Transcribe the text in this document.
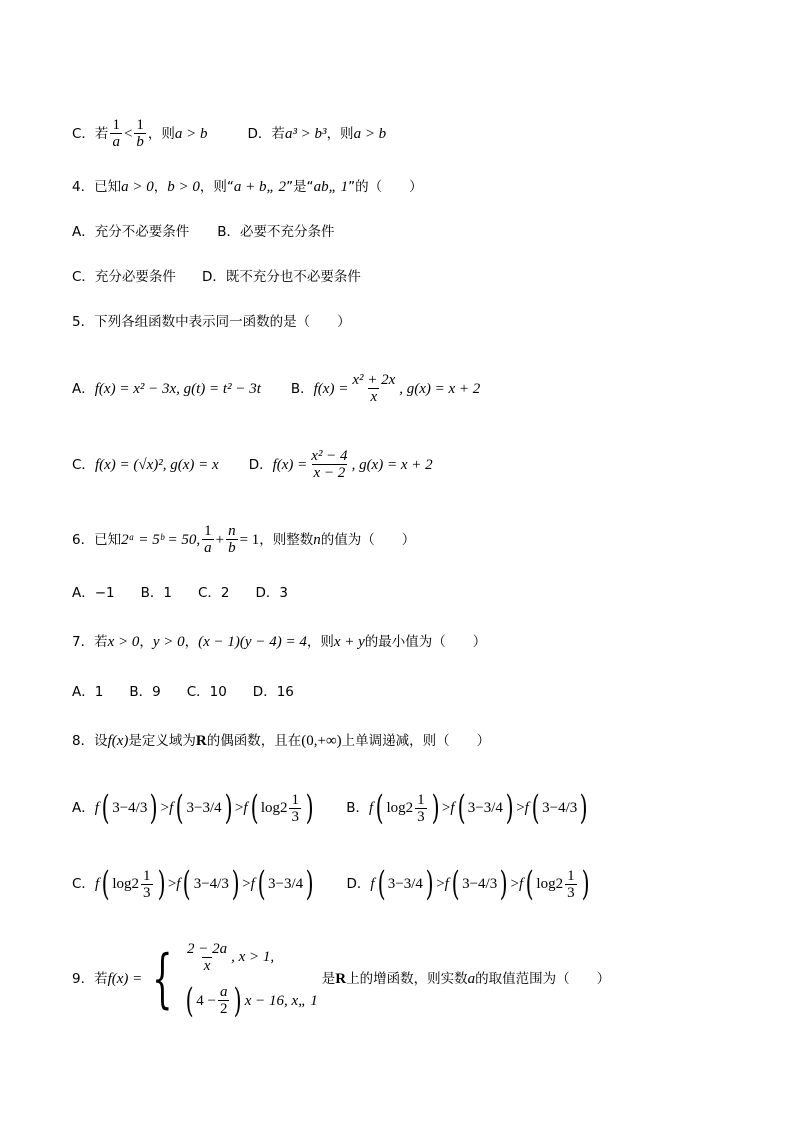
C．若 $\frac{1}{a} < \frac{1}{b}$ ，则 a > b	D．若 a³ > b³ ，则 a > b
4．已知 a > 0 ， b > 0 ，则“ a + b„ 2 ”是“ ab„ 1 ”的（　　）
A．充分不必要条件 B．必要不充分条件
C．充分必要条件 D．既不充分也不必要条件
5．下列各组函数中表示同一函数的是（　　）
A． f(x) = x² − 3x, g(t) = t² − 3t B． $f(x) = \frac{\text{x² + 2x}}{x}$ , g(x) = x + 2
C． f(x) = (√x)², g(x) = x D． $f(x) = \frac{\text{x² − 4}}{x - 2}$ , g(x) = x + 2
6．已知 2ᵃ = 5ᵇ = 50, $\frac{1}{a} + \frac{n}{b} = 1$ ，则整数 n 的值为（　　）
A．−1 B．1 C．2 D．3
7．若 x > 0 ， y > 0 ， (x − 1)(y − 4) = 4 ，则 x + y 的最小值为（　　）
A．1 B．9 C．10 D．16
8．设 f(x) 是定义域为 R 的偶函数，且在 (0,+∞) 上单调递减，则（　　）
A． f ( 3 −4/3 ) > f ( 3 −3/4 ) > f ( $\log 2 \frac{1}{3}$ ) B． f ( $\log 2 \frac{1}{3}$ ) > f ( 3 −3/4 ) > f ( 3 −4/3 )
C． f ( $\log 2 \frac{1}{3}$ ) > f ( 3 −4/3 ) > f ( 3 −3/4 ) D． f ( 3 −3/4 ) > f ( 3 −4/3 ) > f ( $\log 2 \frac{1}{3}$ )
9．若 f(x) = { $\frac{2 - 2a}{x}$ , x > 1,
( $4 - \frac{a}{2}$ ) x − 16, x„ 1
是 R 上的增函数，则实数 a 的取值范围为（　　）
